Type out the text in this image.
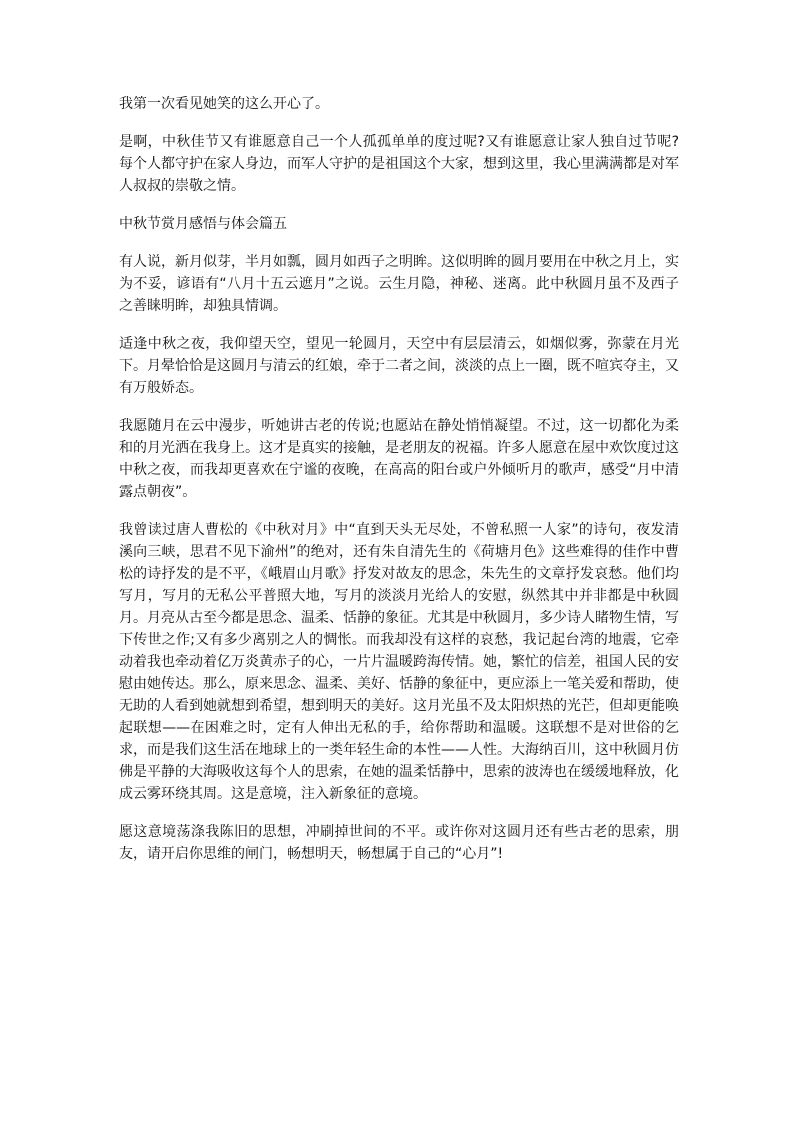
我第一次看见她笑的这么开心了。

是啊，中秋佳节又有谁愿意自己一个人孤孤单单的度过呢?又有谁愿意让家人独自过节呢?每个人都守护在家人身边，而军人守护的是祖国这个大家，想到这里，我心里满满都是对军人叔叔的崇敬之情。

中秋节赏月感悟与体会篇五

有人说，新月似芽，半月如瓢，圆月如西子之明眸。这似明眸的圆月要用在中秋之月上，实为不妥，谚语有“八月十五云遮月”之说。云生月隐，神秘、迷离。此中秋圆月虽不及西子之善睐明眸，却独具情调。

适逢中秋之夜，我仰望天空，望见一轮圆月，天空中有层层清云，如烟似雾，弥蒙在月光下。月晕恰恰是这圆月与清云的红娘，牵于二者之间，淡淡的点上一圈，既不喧宾夺主，又有万般娇态。

我愿随月在云中漫步，听她讲古老的传说;也愿站在静处悄悄凝望。不过，这一切都化为柔和的月光洒在我身上。这才是真实的接触，是老朋友的祝福。许多人愿意在屋中欢饮度过这中秋之夜，而我却更喜欢在宁谧的夜晚，在高高的阳台或户外倾听月的歌声，感受“月中清露点朝夜”。

我曾读过唐人曹松的《中秋对月》中“直到天头无尽处，不曾私照一人家”的诗句，夜发清溪向三峡，思君不见下渝州”的绝对，还有朱自清先生的《荷塘月色》这些难得的佳作中曹松的诗抒发的是不平，《峨眉山月歌》抒发对故友的思念，朱先生的文章抒发哀愁。他们均写月，写月的无私公平普照大地，写月的淡淡月光给人的安慰，纵然其中并非都是中秋圆月。月亮从古至今都是思念、温柔、恬静的象征。尤其是中秋圆月，多少诗人睹物生情，写下传世之作;又有多少离别之人的惆怅。而我却没有这样的哀愁，我记起台湾的地震，它牵动着我也牵动着亿万炎黄赤子的心，一片片温暖跨海传情。她，繁忙的信差，祖国人民的安慰由她传达。那么，原来思念、温柔、美好、恬静的象征中，更应添上一笔关爱和帮助，使无助的人看到她就想到希望，想到明天的美好。这月光虽不及太阳炽热的光芒，但却更能唤起联想——在困难之时，定有人伸出无私的手，给你帮助和温暖。这联想不是对世俗的乞求，而是我们这生活在地球上的一类年轻生命的本性——人性。大海纳百川，这中秋圆月仿佛是平静的大海吸收这每个人的思索，在她的温柔恬静中，思索的波涛也在缓缓地释放，化成云雾环绕其周。这是意境，注入新象征的意境。

愿这意境荡涤我陈旧的思想，冲刷掉世间的不平。或许你对这圆月还有些古老的思索，朋友，请开启你思维的闸门，畅想明天，畅想属于自己的“心月”!
